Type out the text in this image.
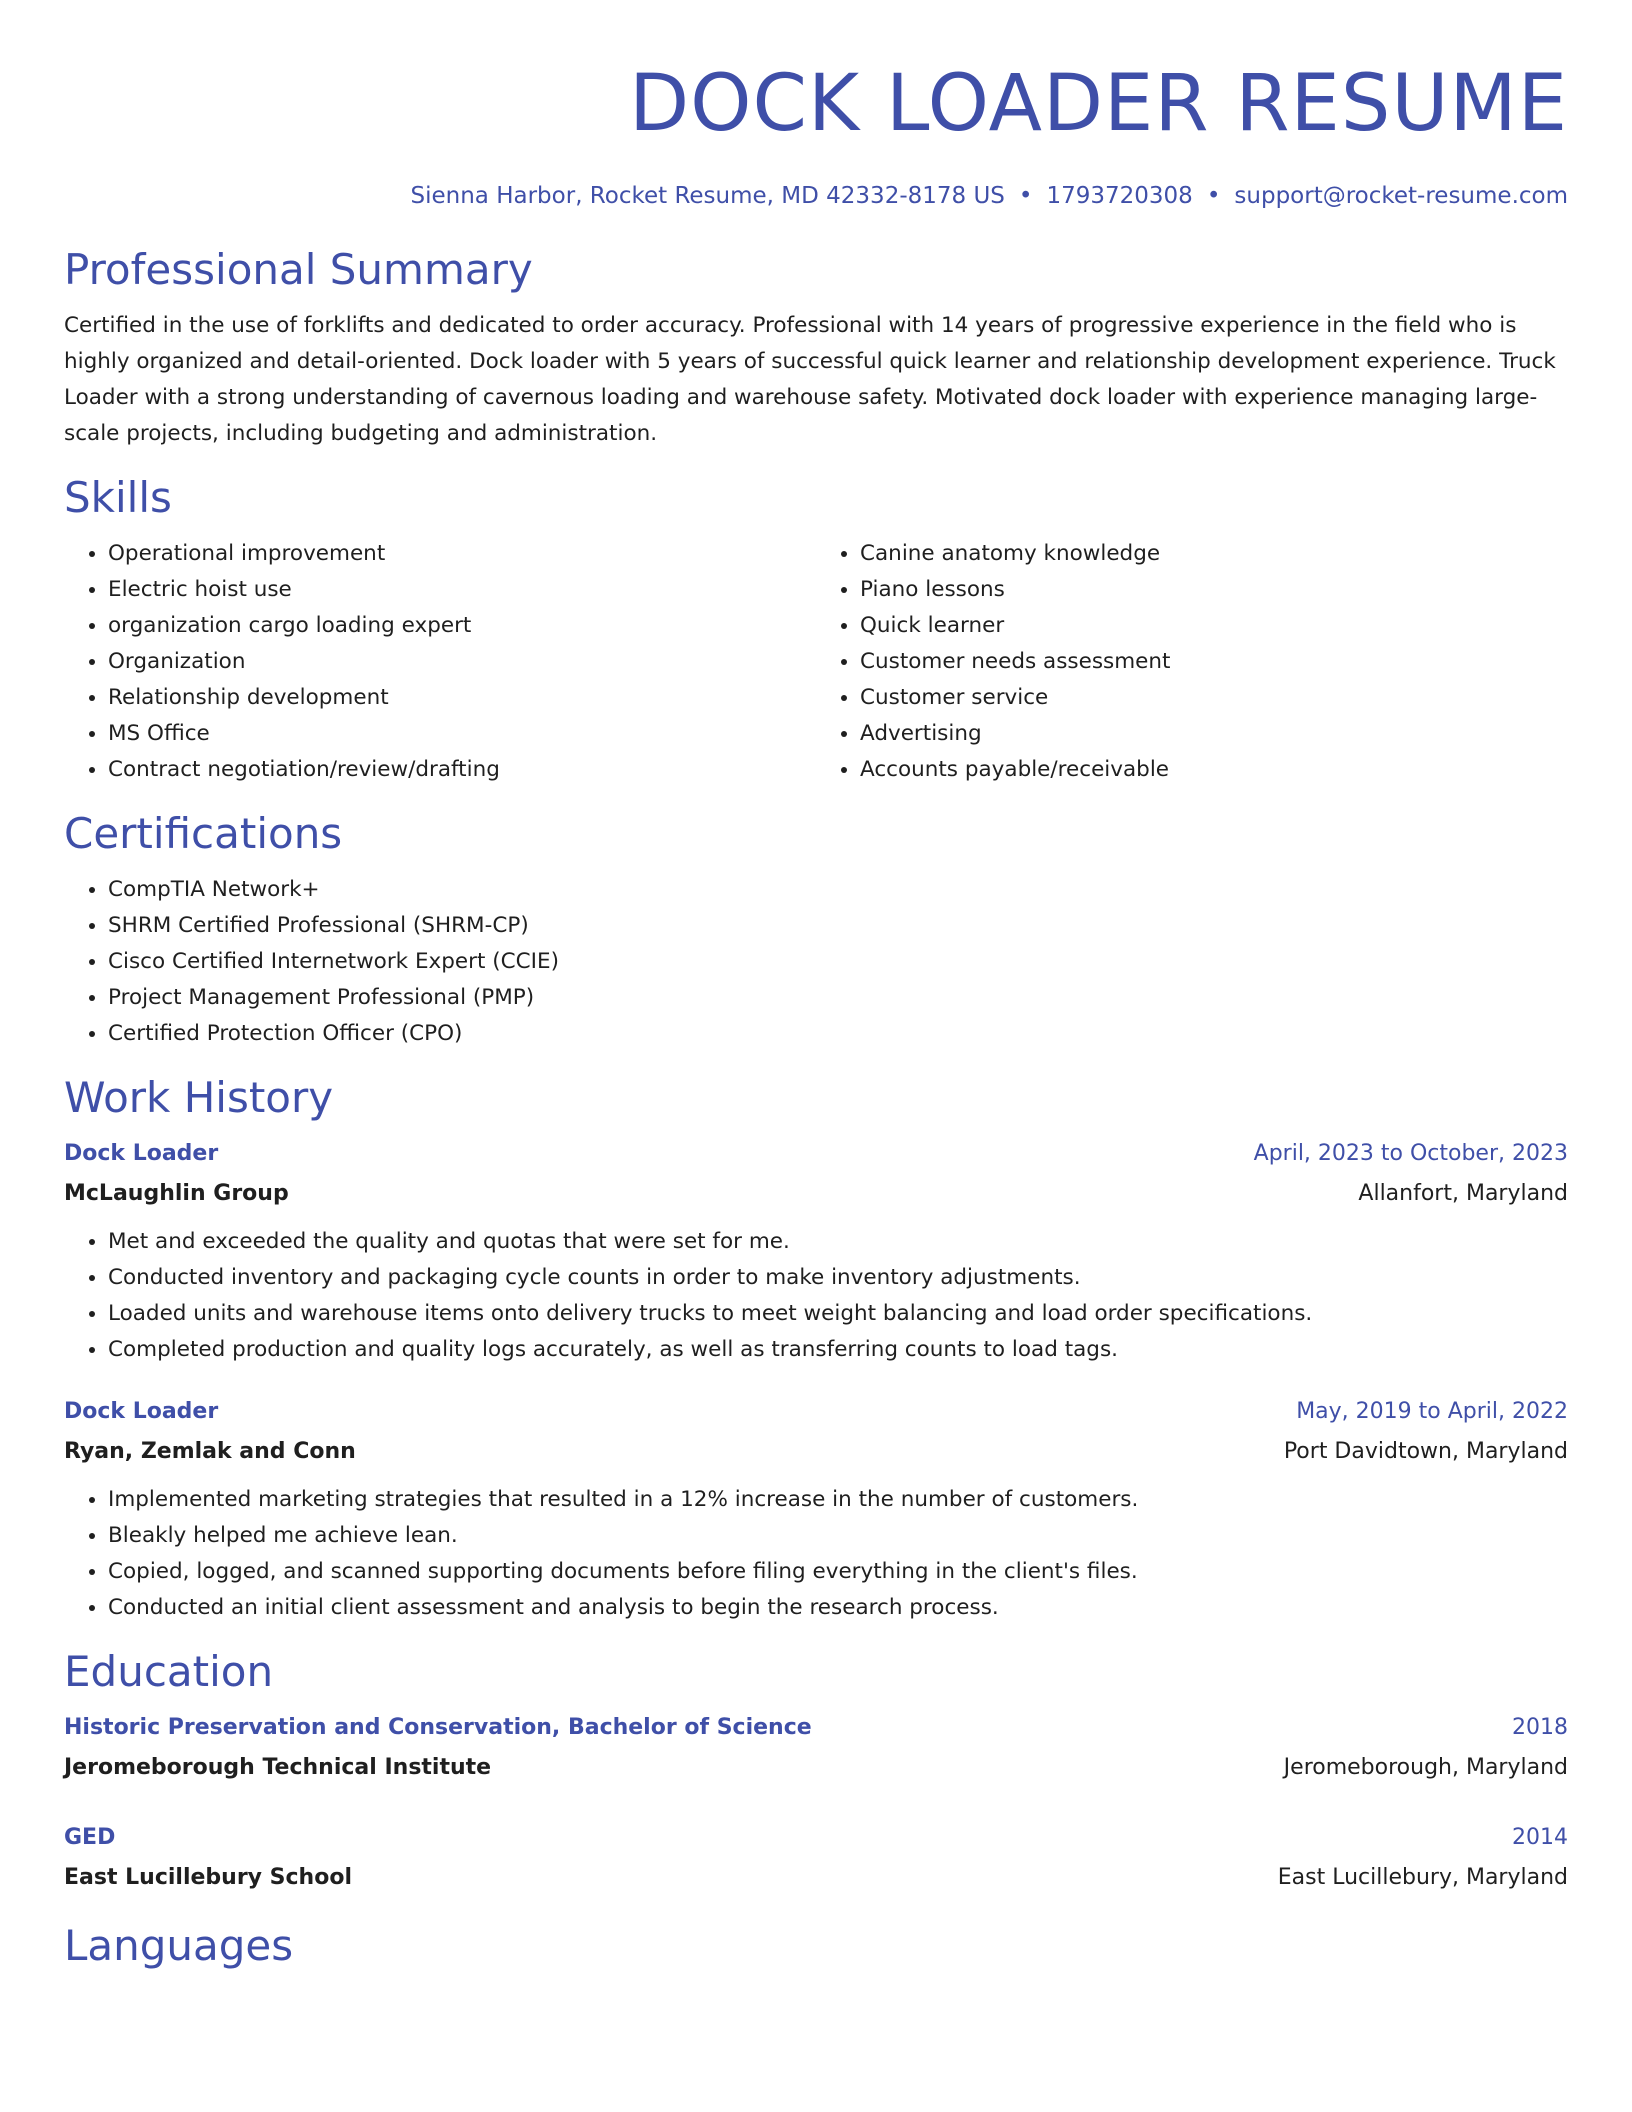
DOCK LOADER RESUME
Sienna Harbor, Rocket Resume, MD 42332-8178 US • 1793720308 • support@rocket-resume.com
Professional Summary
Certified in the use of forklifts and dedicated to order accuracy. Professional with 14 years of progressive experience in the field who is highly organized and detail-oriented. Dock loader with 5 years of successful quick learner and relationship development experience. Truck Loader with a strong understanding of cavernous loading and warehouse safety. Motivated dock loader with experience managing large-scale projects, including budgeting and administration.
Skills
• Operational improvement
• Electric hoist use
• organization cargo loading expert
• Organization
• Relationship development
• MS Office
• Contract negotiation/review/drafting
• Canine anatomy knowledge
• Piano lessons
• Quick learner
• Customer needs assessment
• Customer service
• Advertising
• Accounts payable/receivable
Certifications
• CompTIA Network+
• SHRM Certified Professional (SHRM-CP)
• Cisco Certified Internetwork Expert (CCIE)
• Project Management Professional (PMP)
• Certified Protection Officer (CPO)
Work History
Dock Loader	April, 2023 to October, 2023
McLaughlin Group	Allanfort, Maryland
• Met and exceeded the quality and quotas that were set for me.
• Conducted inventory and packaging cycle counts in order to make inventory adjustments.
• Loaded units and warehouse items onto delivery trucks to meet weight balancing and load order specifications.
• Completed production and quality logs accurately, as well as transferring counts to load tags.
Dock Loader	May, 2019 to April, 2022
Ryan, Zemlak and Conn	Port Davidtown, Maryland
• Implemented marketing strategies that resulted in a 12% increase in the number of customers.
• Bleakly helped me achieve lean.
• Copied, logged, and scanned supporting documents before filing everything in the client's files.
• Conducted an initial client assessment and analysis to begin the research process.
Education
Historic Preservation and Conservation, Bachelor of Science	2018
Jeromeborough Technical Institute	Jeromeborough, Maryland
GED	2014
East Lucillebury School	East Lucillebury, Maryland
Languages
